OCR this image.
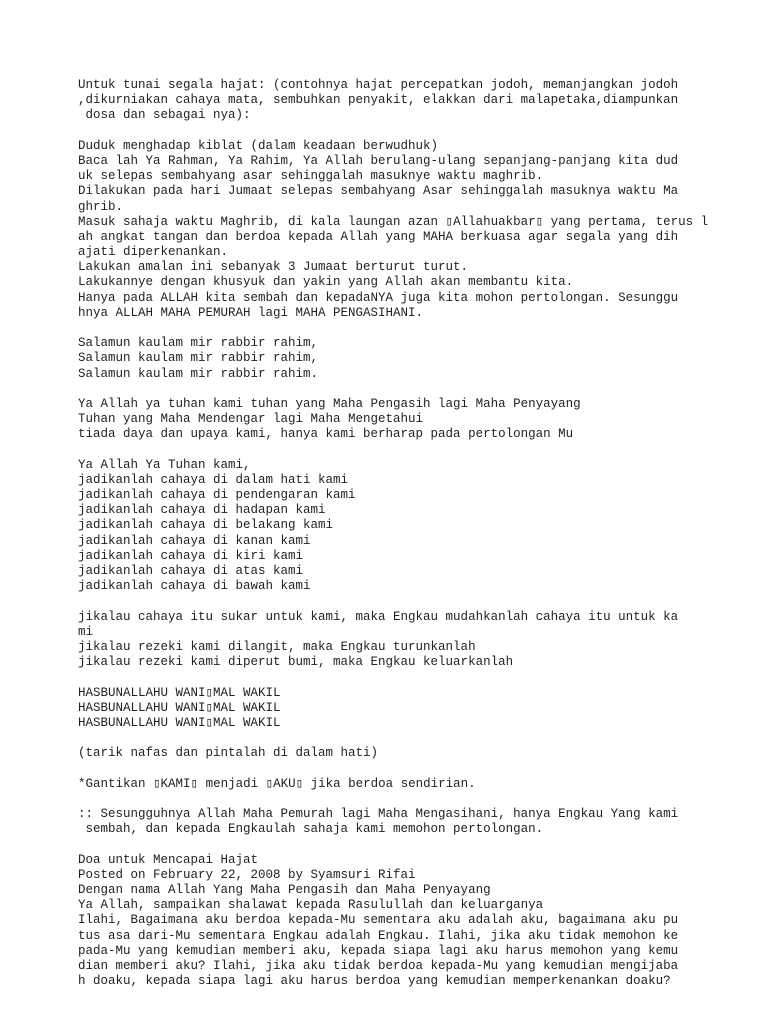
Untuk tunai segala hajat: (contohnya hajat percepatkan jodoh, memanjangkan jodoh
,dikurniakan cahaya mata, sembuhkan penyakit, elakkan dari malapetaka,diampunkan
dosa dan sebagai nya):
Duduk menghadap kiblat (dalam keadaan berwudhuk)
Baca lah Ya Rahman, Ya Rahim, Ya Allah berulang-ulang sepanjang-panjang kita dud
uk selepas sembahyang asar sehinggalah masuknye waktu maghrib.
Dilakukan pada hari Jumaat selepas sembahyang Asar sehinggalah masuknya waktu Ma
ghrib.
Masuk sahaja waktu Maghrib, di kala laungan azan ▯Allahuakbar▯ yang pertama, terus l
ah angkat tangan dan berdoa kepada Allah yang MAHA berkuasa agar segala yang dih
ajati diperkenankan.
Lakukan amalan ini sebanyak 3 Jumaat berturut turut.
Lakukannye dengan khusyuk dan yakin yang Allah akan membantu kita.
Hanya pada ALLAH kita sembah dan kepadaNYA juga kita mohon pertolongan. Sesunggu
hnya ALLAH MAHA PEMURAH lagi MAHA PENGASIHANI.
Salamun kaulam mir rabbir rahim,
Salamun kaulam mir rabbir rahim,
Salamun kaulam mir rabbir rahim.
Ya Allah ya tuhan kami tuhan yang Maha Pengasih lagi Maha Penyayang
Tuhan yang Maha Mendengar lagi Maha Mengetahui
tiada daya dan upaya kami, hanya kami berharap pada pertolongan Mu
Ya Allah Ya Tuhan kami,
jadikanlah cahaya di dalam hati kami
jadikanlah cahaya di pendengaran kami
jadikanlah cahaya di hadapan kami
jadikanlah cahaya di belakang kami
jadikanlah cahaya di kanan kami
jadikanlah cahaya di kiri kami
jadikanlah cahaya di atas kami
jadikanlah cahaya di bawah kami
jikalau cahaya itu sukar untuk kami, maka Engkau mudahkanlah cahaya itu untuk ka
mi
jikalau rezeki kami dilangit, maka Engkau turunkanlah
jikalau rezeki kami diperut bumi, maka Engkau keluarkanlah
HASBUNALLAHU WANI▯MAL WAKIL
HASBUNALLAHU WANI▯MAL WAKIL
HASBUNALLAHU WANI▯MAL WAKIL
(tarik nafas dan pintalah di dalam hati)
*Gantikan ▯KAMI▯ menjadi ▯AKU▯ jika berdoa sendirian.
:: Sesungguhnya Allah Maha Pemurah lagi Maha Mengasihani, hanya Engkau Yang kami
sembah, dan kepada Engkaulah sahaja kami memohon pertolongan.
Doa untuk Mencapai Hajat
Posted on February 22, 2008 by Syamsuri Rifai
Dengan nama Allah Yang Maha Pengasih dan Maha Penyayang
Ya Allah, sampaikan shalawat kepada Rasulullah dan keluarganya
Ilahi, Bagaimana aku berdoa kepada-Mu sementara aku adalah aku, bagaimana aku pu
tus asa dari-Mu sementara Engkau adalah Engkau. Ilahi, jika aku tidak memohon ke
pada-Mu yang kemudian memberi aku, kepada siapa lagi aku harus memohon yang kemu
dian memberi aku? Ilahi, jika aku tidak berdoa kepada-Mu yang kemudian mengijaba
h doaku, kepada siapa lagi aku harus berdoa yang kemudian memperkenankan doaku?
